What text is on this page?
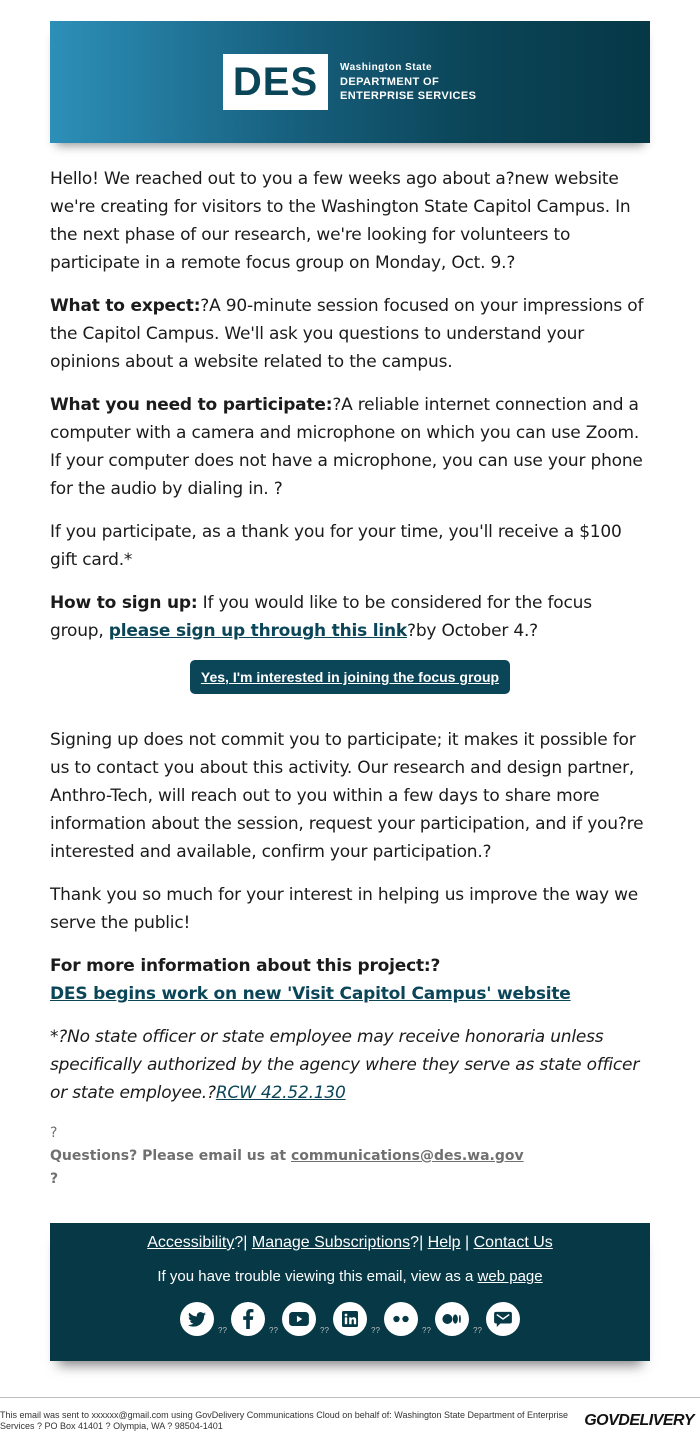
DES Washington State
DEPARTMENT OF
ENTERPRISE SERVICES

Hello! We reached out to you a few weeks ago about a?new website we're creating for visitors to the Washington State Capitol Campus. In the next phase of our research, we're looking for volunteers to participate in a remote focus group on Monday, Oct. 9.?

What to expect:?A 90-minute session focused on your impressions of the Capitol Campus. We'll ask you questions to understand your opinions about a website related to the campus.

What you need to participate:?A reliable internet connection and a computer with a camera and microphone on which you can use Zoom. If your computer does not have a microphone, you can use your phone for the audio by dialing in. ?

If you participate, as a thank you for your time, you'll receive a $100 gift card.*

How to sign up: If you would like to be considered for the focus group, please sign up through this link?by October 4.?

Yes, I'm interested in joining the focus group

Signing up does not commit you to participate; it makes it possible for us to contact you about this activity. Our research and design partner, Anthro-Tech, will reach out to you within a few days to share more information about the session, request your participation, and if you?re interested and available, confirm your participation.?

Thank you so much for your interest in helping us improve the way we serve the public!

For more information about this project:?
DES begins work on new 'Visit Capitol Campus' website

*?No state officer or state employee may receive honoraria unless specifically authorized by the agency where they serve as state officer or state employee.?RCW 42.52.130

?

Questions? Please email us at communications@des.wa.gov

?

Accessibility?| Manage Subscriptions?| Help | Contact Us
If you have trouble viewing this email, view as a web page
??	??	??	??	??	??
This email was sent to xxxxxx@gmail.com using GovDelivery Communications Cloud on behalf of: Washington State Department of Enterprise Services ? PO Box 41401 ? Olympia, WA ? 98504-1401	GOVDELIVERY
